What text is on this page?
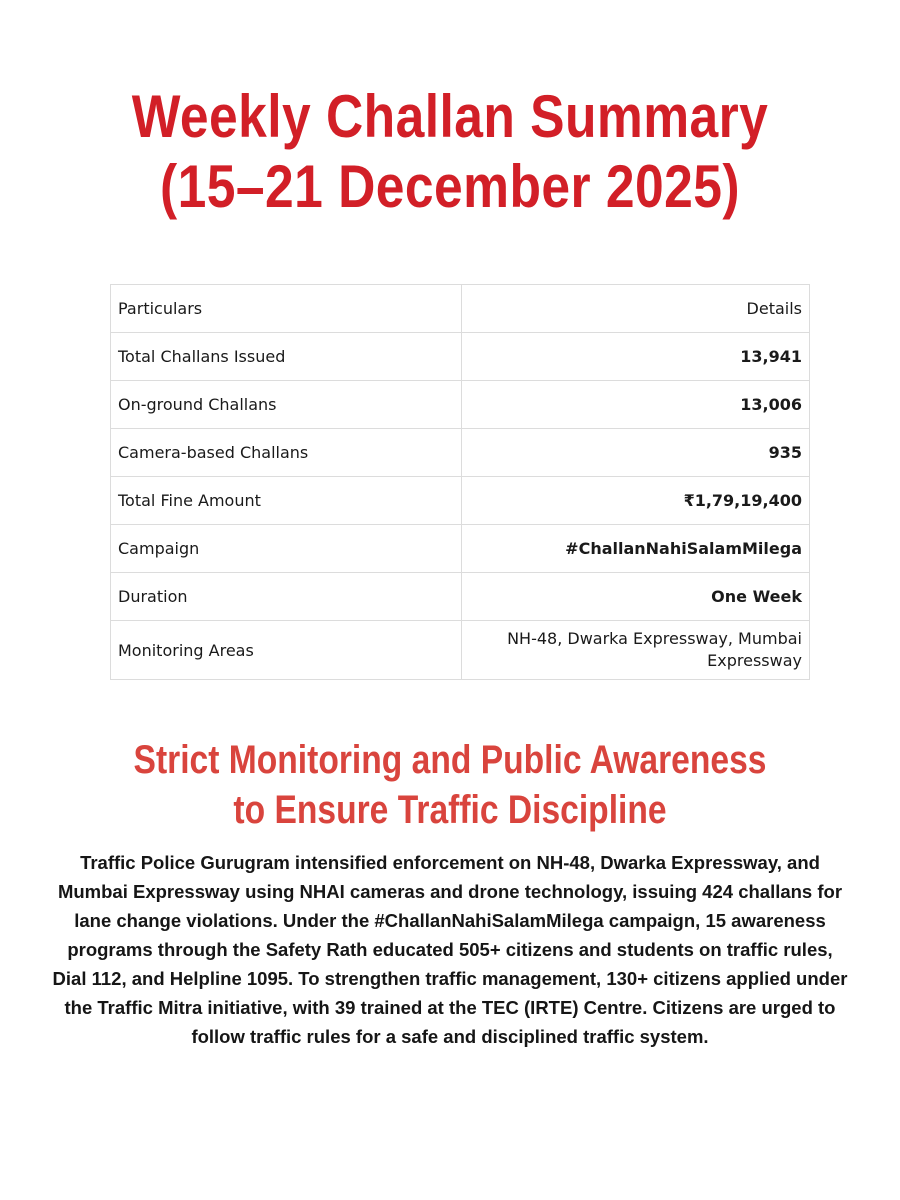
Weekly Challan Summary
(15–21 December 2025)
Particulars	Details
Total Challans Issued	13,941
On-ground Challans	13,006
Camera-based Challans	935
Total Fine Amount	₹1,79,19,400
Campaign	#ChallanNahiSalamMilega
Duration	One Week
Monitoring Areas	NH-48, Dwarka Expressway, Mumbai Expressway
Strict Monitoring and Public Awareness
to Ensure Traffic Discipline

Traffic Police Gurugram intensified enforcement on NH-48, Dwarka Expressway, and Mumbai Expressway using NHAI cameras and drone technology, issuing 424 challans for lane change violations. Under the #ChallanNahiSalamMilega campaign, 15 awareness programs through the Safety Rath educated 505+ citizens and students on traffic rules, Dial 112, and Helpline 1095. To strengthen traffic management, 130+ citizens applied under the Traffic Mitra initiative, with 39 trained at the TEC (IRTE) Centre. Citizens are urged to follow traffic rules for a safe and disciplined traffic system.
